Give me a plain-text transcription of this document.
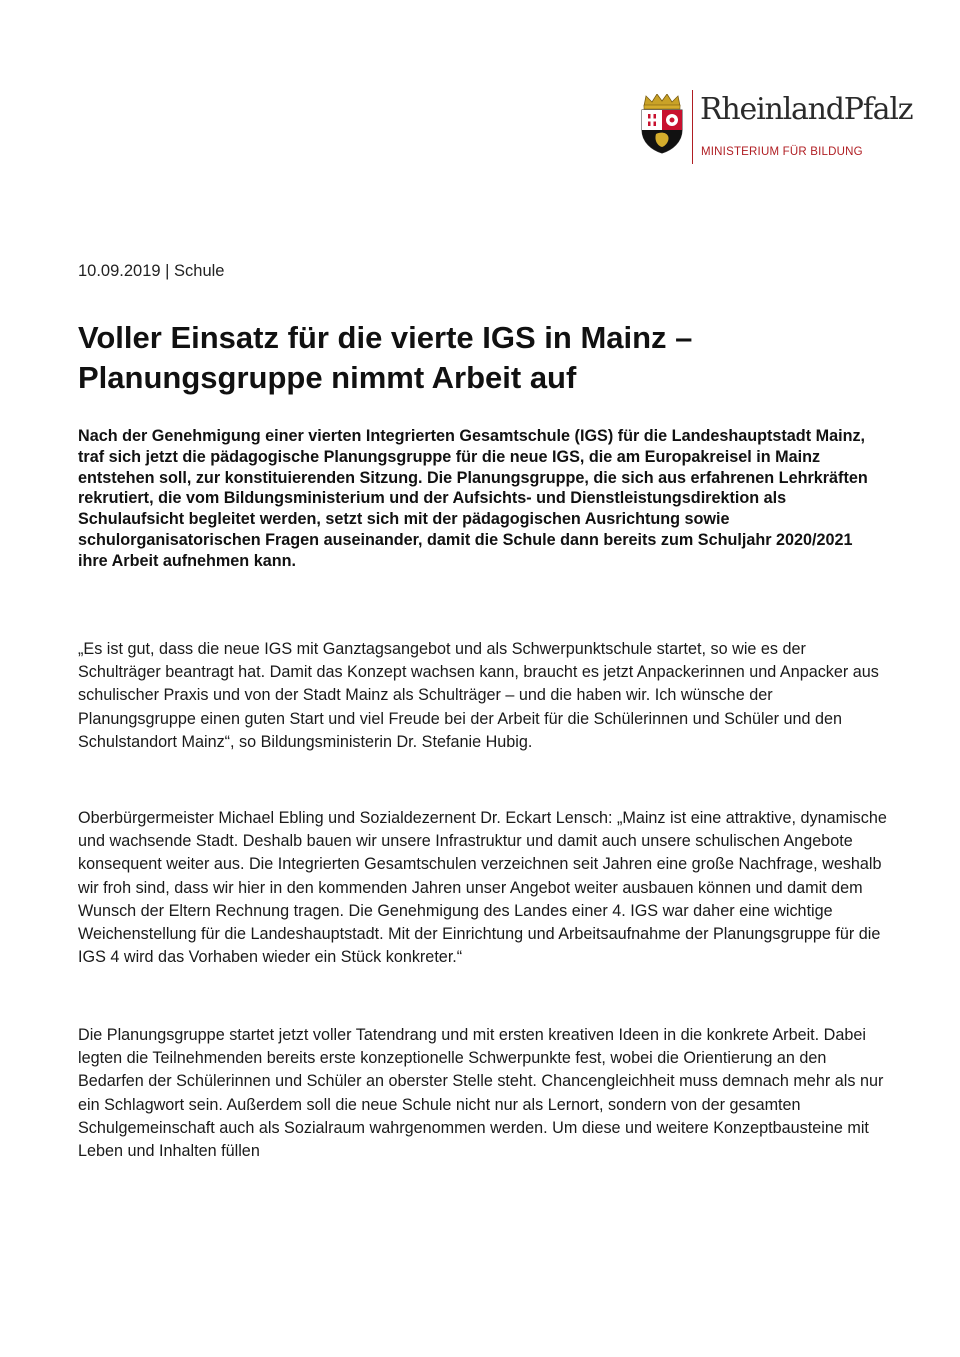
RheinlandPfalz
MINISTERIUM FÜR BILDUNG
10.09.2019 | Schule
Voller Einsatz für die vierte IGS in Mainz – Planungsgruppe nimmt Arbeit auf

Nach der Genehmigung einer vierten Integrierten Gesamtschule (IGS) für die Landeshauptstadt Mainz, traf sich jetzt die pädagogische Planungsgruppe für die neue IGS, die am Europakreisel in Mainz entstehen soll, zur konstituierenden Sitzung. Die Planungsgruppe, die sich aus erfahrenen Lehrkräften rekrutiert, die vom Bildungsministerium und der Aufsichts- und Dienstleistungsdirektion als Schulaufsicht begleitet werden, setzt sich mit der pädagogischen Ausrichtung sowie schulorganisatorischen Fragen auseinander, damit die Schule dann bereits zum Schuljahr 2020/2021 ihre Arbeit aufnehmen kann.

„Es ist gut, dass die neue IGS mit Ganztagsangebot und als Schwerpunktschule startet, so wie es der Schulträger beantragt hat. Damit das Konzept wachsen kann, braucht es jetzt Anpackerinnen und Anpacker aus schulischer Praxis und von der Stadt Mainz als Schulträger – und die haben wir. Ich wünsche der Planungsgruppe einen guten Start und viel Freude bei der Arbeit für die Schülerinnen und Schüler und den Schulstandort Mainz“, so Bildungsministerin Dr. Stefanie Hubig.

Oberbürgermeister Michael Ebling und Sozialdezernent Dr. Eckart Lensch: „Mainz ist eine attraktive, dynamische und wachsende Stadt. Deshalb bauen wir unsere Infrastruktur und damit auch unsere schulischen Angebote konsequent weiter aus. Die Integrierten Gesamtschulen verzeichnen seit Jahren eine große Nachfrage, weshalb wir froh sind, dass wir hier in den kommenden Jahren unser Angebot weiter ausbauen können und damit dem Wunsch der Eltern Rechnung tragen. Die Genehmigung des Landes einer 4. IGS war daher eine wichtige Weichenstellung für die Landeshauptstadt. Mit der Einrichtung und Arbeitsaufnahme der Planungsgruppe für die IGS 4 wird das Vorhaben wieder ein Stück konkreter.“

Die Planungsgruppe startet jetzt voller Tatendrang und mit ersten kreativen Ideen in die konkrete Arbeit. Dabei legten die Teilnehmenden bereits erste konzeptionelle Schwerpunkte fest, wobei die Orientierung an den Bedarfen der Schülerinnen und Schüler an oberster Stelle steht. Chancengleichheit muss demnach mehr als nur ein Schlagwort sein. Außerdem soll die neue Schule nicht nur als Lernort, sondern von der gesamten Schulgemeinschaft auch als Sozialraum wahrgenommen werden. Um diese und weitere Konzeptbausteine mit Leben und Inhalten füllen
